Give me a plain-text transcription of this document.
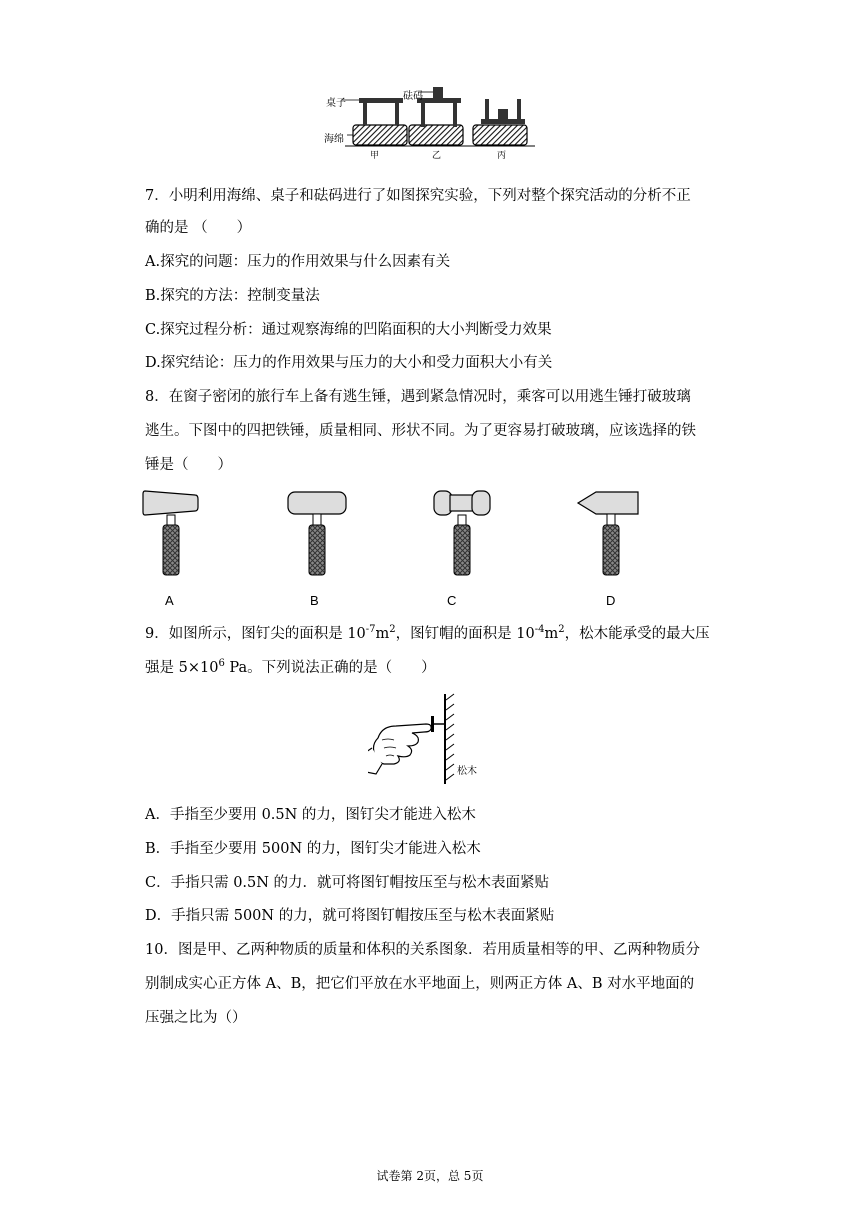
桌子
砝码
海绵
甲	乙	丙
7．小明利用海绵、桌子和砝码进行了如图探究实验，下列对整个探究活动的分析不正
确的是 （　　）
A.探究的问题：压力的作用效果与什么因素有关
B.探究的方法：控制变量法
C.探究过程分析：通过观察海绵的凹陷面积的大小判断受力效果
D.探究结论：压力的作用效果与压力的大小和受力面积大小有关
8．在窗子密闭的旅行车上备有逃生锤，遇到紧急情况时，乘客可以用逃生锤打破玻璃
逃生。下图中的四把铁锤，质量相同、形状不同。为了更容易打破玻璃，应该选择的铁
锤是（　　）
A	B	C	D
9．如图所示，图钉尖的面积是 $10^{-7}m^2$，图钉帽的面积是 $10^{-4}m^2$，松木能承受的最大压
强是 $5\times 10^6$ Pa。下列说法正确的是（　　）
松木
A．手指至少要用 0.5N 的力，图钉尖才能进入松木
B．手指至少要用 500N 的力，图钉尖才能进入松木
C．手指只需 0.5N 的力．就可将图钉帽按压至与松木表面紧贴
D．手指只需 500N 的力，就可将图钉帽按压至与松木表面紧贴
10．图是甲、乙两种物质的质量和体积的关系图象．若用质量相等的甲、乙两种物质分
别制成实心正方体 A、B，把它们平放在水平地面上，则两正方体 A、B 对水平地面的
压强之比为（）
试卷第 2页，总 5页
